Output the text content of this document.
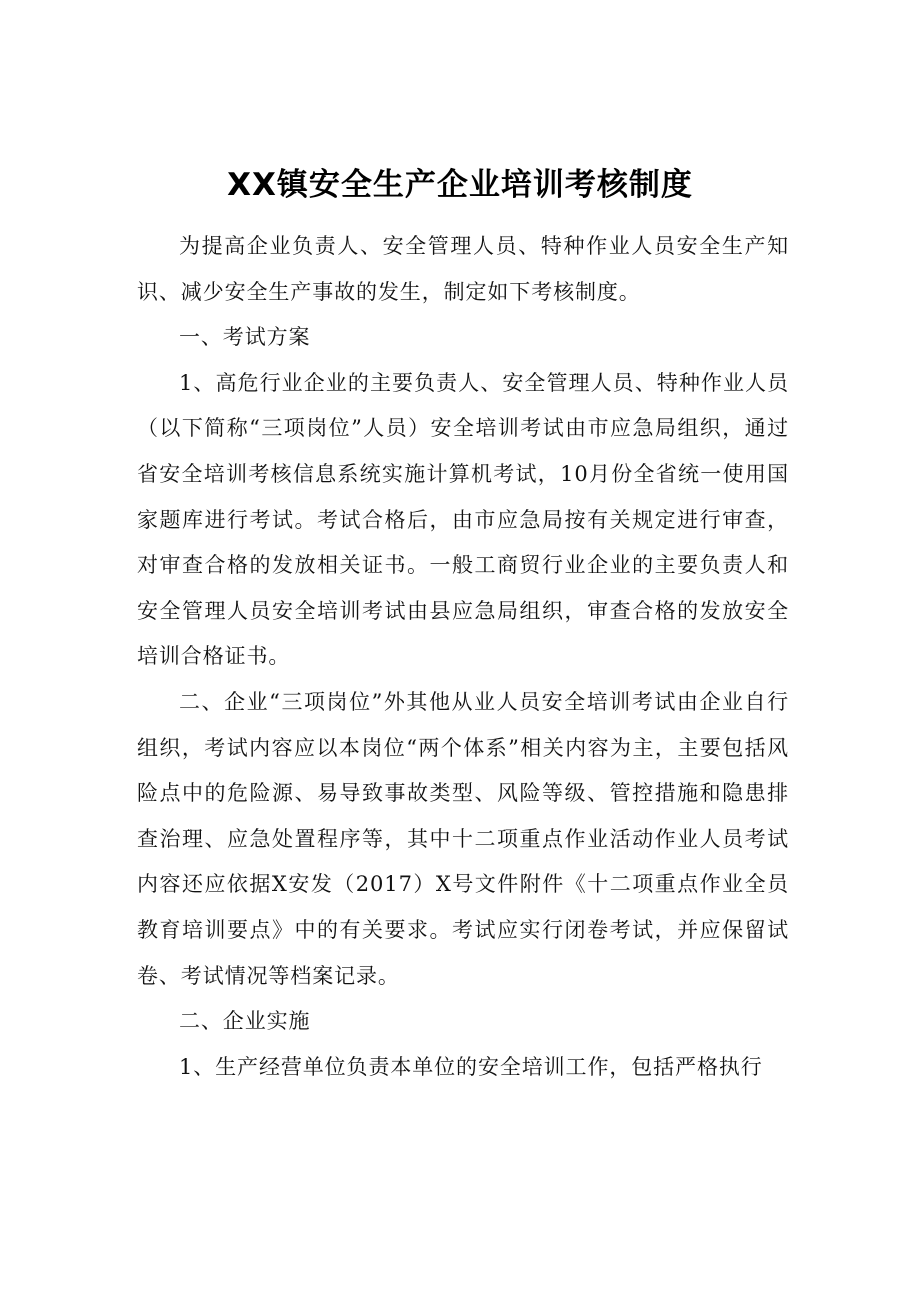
XX镇安全生产企业培训考核制度

为提高企业负责人、安全管理人员、特种作业人员安全生产知识、减少安全生产事故的发生，制定如下考核制度。

一、考试方案

1、高危行业企业的主要负责人、安全管理人员、特种作业人员（以下简称“三项岗位”人员）安全培训考试由市应急局组织，通过省安全培训考核信息系统实施计算机考试，10月份全省统一使用国家题库进行考试。考试合格后，由市应急局按有关规定进行审查，对审查合格的发放相关证书。一般工商贸行业企业的主要负责人和安全管理人员安全培训考试由县应急局组织，审查合格的发放安全培训合格证书。

二、企业“三项岗位”外其他从业人员安全培训考试由企业自行组织，考试内容应以本岗位“两个体系”相关内容为主，主要包括风险点中的危险源、易导致事故类型、风险等级、管控措施和隐患排查治理、应急处置程序等，其中十二项重点作业活动作业人员考试内容还应依据X安发（2017）X号文件附件《十二项重点作业全员教育培训要点》中的有关要求。考试应实行闭卷考试，并应保留试卷、考试情况等档案记录。

二、企业实施

1、生产经营单位负责本单位的安全培训工作，包括严格执行
